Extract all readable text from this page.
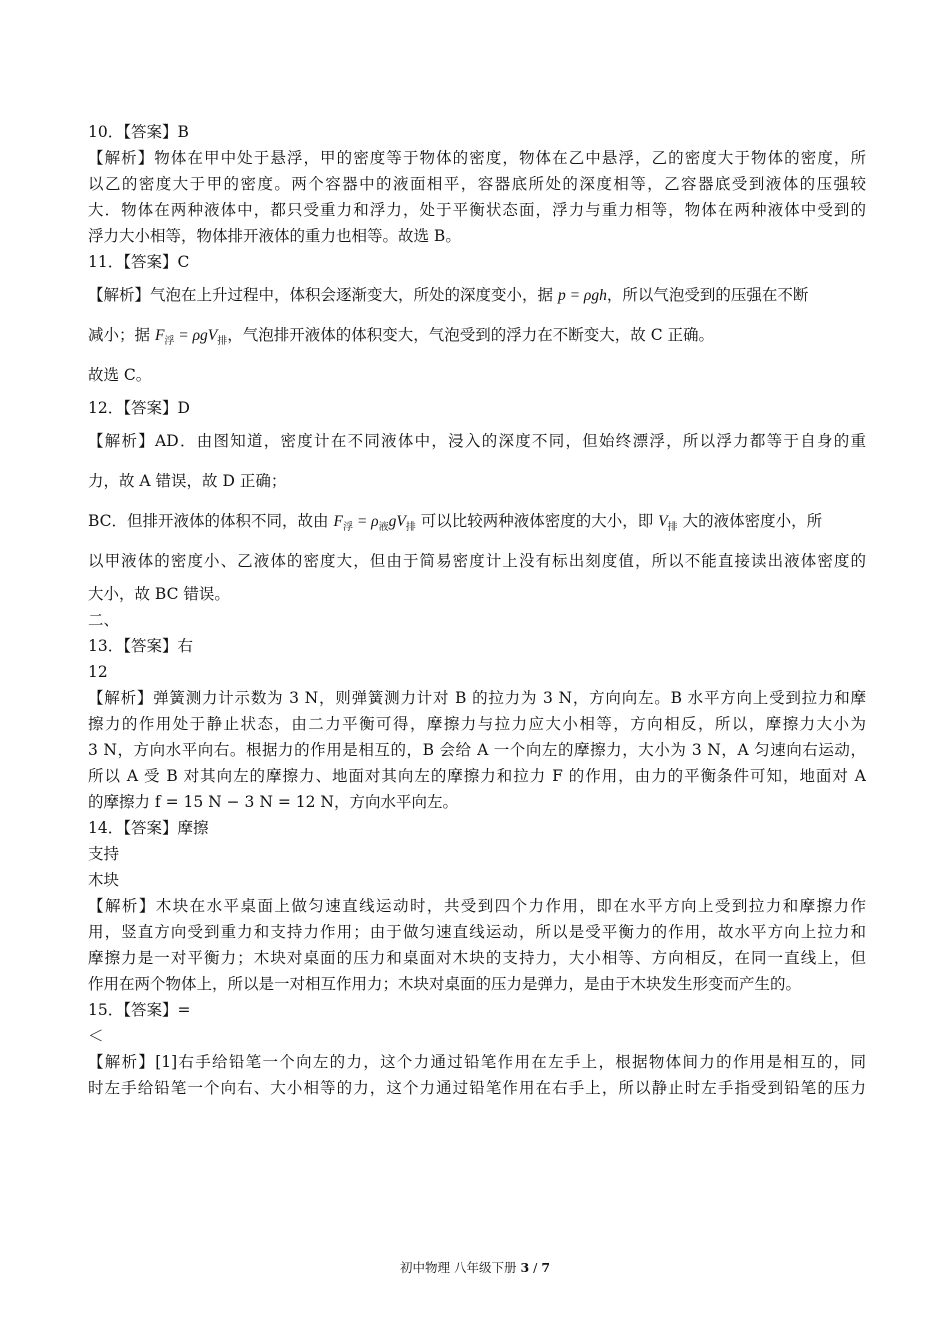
10．【答案】B
【解析】物体在甲中处于悬浮，甲的密度等于物体的密度，物体在乙中悬浮，乙的密度大于物体的密度，所
以乙的密度大于甲的密度。两个容器中的液面相平，容器底所处的深度相等，乙容器底受到液体的压强较
大．物体在两种液体中，都只受重力和浮力，处于平衡状态面，浮力与重力相等，物体在两种液体中受到的
浮力大小相等，物体排开液体的重力也相等。故选 B。
11．【答案】C
【解析】气泡在上升过程中，体积会逐渐变大，所处的深度变小，据 p = ρgh，所以气泡受到的压强在不断
减小；据 $F_浮 = \rho gV_排$，气泡排开液体的体积变大，气泡受到的浮力在不断变大，故 C 正确。
故选 C。
12．【答案】D
【解析】AD．由图知道，密度计在不同液体中，浸入的深度不同，但始终漂浮，所以浮力都等于自身的重
力，故 A 错误，故 D 正确；
BC．但排开液体的体积不同，故由 $F_浮 = \rho_液gV_排$ 可以比较两种液体密度的大小，即 $V_排$ 大的液体密度小，所
以甲液体的密度小、乙液体的密度大，但由于简易密度计上没有标出刻度值，所以不能直接读出液体密度的
大小，故 BC 错误。
二、
13．【答案】右
12
【解析】弹簧测力计示数为 3 N，则弹簧测力计对 B 的拉力为 3 N，方向向左。B 水平方向上受到拉力和摩
擦力的作用处于静止状态，由二力平衡可得，摩擦力与拉力应大小相等，方向相反，所以，摩擦力大小为
3 N，方向水平向右。根据力的作用是相互的，B 会给 A 一个向左的摩擦力，大小为 3 N，A 匀速向右运动，
所以 A 受 B 对其向左的摩擦力、地面对其向左的摩擦力和拉力 F 的作用，由力的平衡条件可知，地面对 A
的摩擦力 f = 15 N − 3 N = 12 N，方向水平向左。
14．【答案】摩擦
支持
木块
【解析】木块在水平桌面上做匀速直线运动时，共受到四个力作用，即在水平方向上受到拉力和摩擦力作
用，竖直方向受到重力和支持力作用；由于做匀速直线运动，所以是受平衡力的作用，故水平方向上拉力和
摩擦力是一对平衡力；木块对桌面的压力和桌面对木块的支持力，大小相等、方向相反，在同一直线上，但
作用在两个物体上，所以是一对相互作用力；木块对桌面的压力是弹力，是由于木块发生形变而产生的。
15．【答案】=
＜
【解析】[1]右手给铅笔一个向左的力，这个力通过铅笔作用在左手上，根据物体间力的作用是相互的，同
时左手给铅笔一个向右、大小相等的力，这个力通过铅笔作用在右手上，所以静止时左手指受到铅笔的压力
初中物理 八年级下册 3 / 7
